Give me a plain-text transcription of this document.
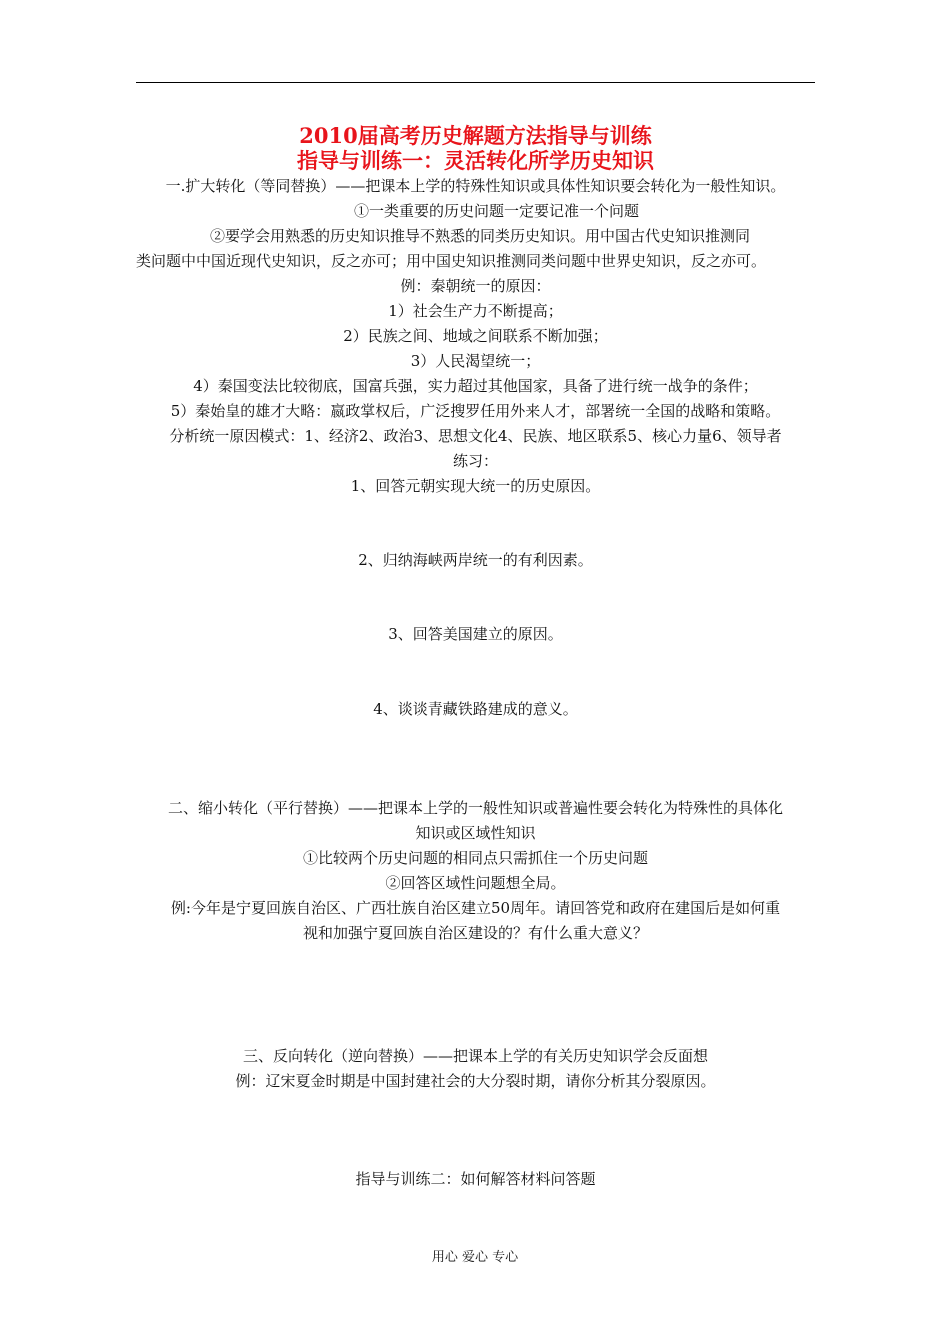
2010届高考历史解题方法指导与训练
指导与训练一：灵活转化所学历史知识
一.扩大转化（等同替换）——把课本上学的特殊性知识或具体性知识要会转化为一般性知识。
①一类重要的历史问题一定要记准一个问题
②要学会用熟悉的历史知识推导不熟悉的同类历史知识。用中国古代史知识推测同
类问题中中国近现代史知识，反之亦可；用中国史知识推测同类问题中世界史知识，反之亦可。
例：秦朝统一的原因：
1）社会生产力不断提高；
2）民族之间、地域之间联系不断加强；
3）人民渴望统一；
4）秦国变法比较彻底，国富兵强，实力超过其他国家，具备了进行统一战争的条件；
5）秦始皇的雄才大略：嬴政掌权后，广泛搜罗任用外来人才，部署统一全国的战略和策略。
分析统一原因模式：1、经济2、政治3、思想文化4、民族、地区联系5、核心力量6、领导者
练习：
1、回答元朝实现大统一的历史原因。
2、归纳海峡两岸统一的有利因素。
3、回答美国建立的原因。
4、谈谈青藏铁路建成的意义。
二、缩小转化（平行替换）——把课本上学的一般性知识或普遍性要会转化为特殊性的具体化
知识或区域性知识
①比较两个历史问题的相同点只需抓住一个历史问题
②回答区域性问题想全局。
例:今年是宁夏回族自治区、广西壮族自治区建立50周年。请回答党和政府在建国后是如何重
视和加强宁夏回族自治区建设的？有什么重大意义？
三、反向转化（逆向替换）——把课本上学的有关历史知识学会反面想
例：辽宋夏金时期是中国封建社会的大分裂时期，请你分析其分裂原因。
指导与训练二：如何解答材料问答题
用心 爱心 专心
